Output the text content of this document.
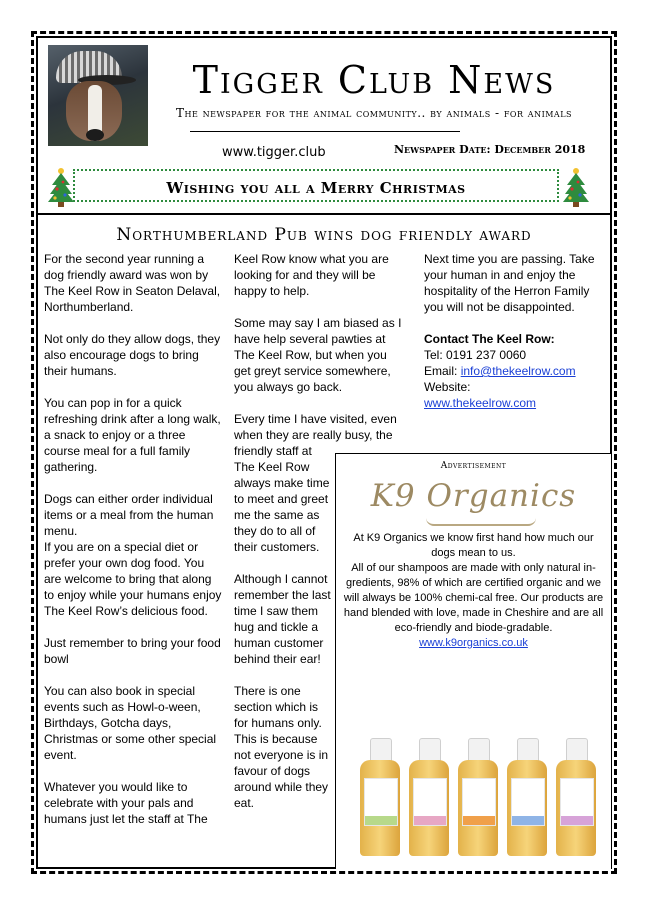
Tigger Club News
The newspaper for the animal community.. by animals - for animals
www.tigger.club	Newspaper Date: December 2018
Wishing you all a Merry Christmas
Northumberland Pub wins dog friendly award

For the second year running a dog friendly award was won by The Keel Row in Seaton Delaval, Northumberland.

Not only do they allow dogs, they also encourage dogs to bring their humans.

You can pop in for a quick refreshing drink after a long walk, a snack to enjoy or a three course meal for a full family gathering.

Dogs can either order individual items or a meal from the human menu.

If you are on a special diet or prefer your own dog food. You are welcome to bring that along to enjoy while your humans enjoy The Keel Row’s delicious food.

Just remember to bring your food bowl

You can also book in special events such as Howl-o-ween, Birthdays, Gotcha days, Christmas or some other special event.

Whatever you would like to celebrate with your pals and humans just let the staff at The

Keel Row know what you are looking for and they will be happy to help.

Some may say I am biased as I have help several pawties at The Keel Row, but when you get greyt service somewhere, you always go back.

Every time I have visited, even when they are really busy, the

friendly staff at The Keel Row always make time to meet and greet me the same as they do to all of their customers.

Although I cannot remember the last time I saw them hug and tickle a human customer behind their ear!

There is one section which is for humans only. This is because not everyone is in favour of dogs around while they eat.

Next time you are passing. Take your human in and enjoy the hospitality of the Herron Family you will not be disappointed.

Contact The Keel Row:
Tel: 0191 237 0060
Email: info@thekeelrow.com
Website:
www.thekeelrow.com
Advertisement
K9 Organics
At K9 Organics we know first hand how much our dogs mean to us.
All of our shampoos are made with only natural in-gredients, 98% of which are certified organic and we will always be 100% chemi-cal free. Our products are hand blended with love, made in Cheshire and are all eco-friendly and biode-gradable.
www.k9organics.co.uk
